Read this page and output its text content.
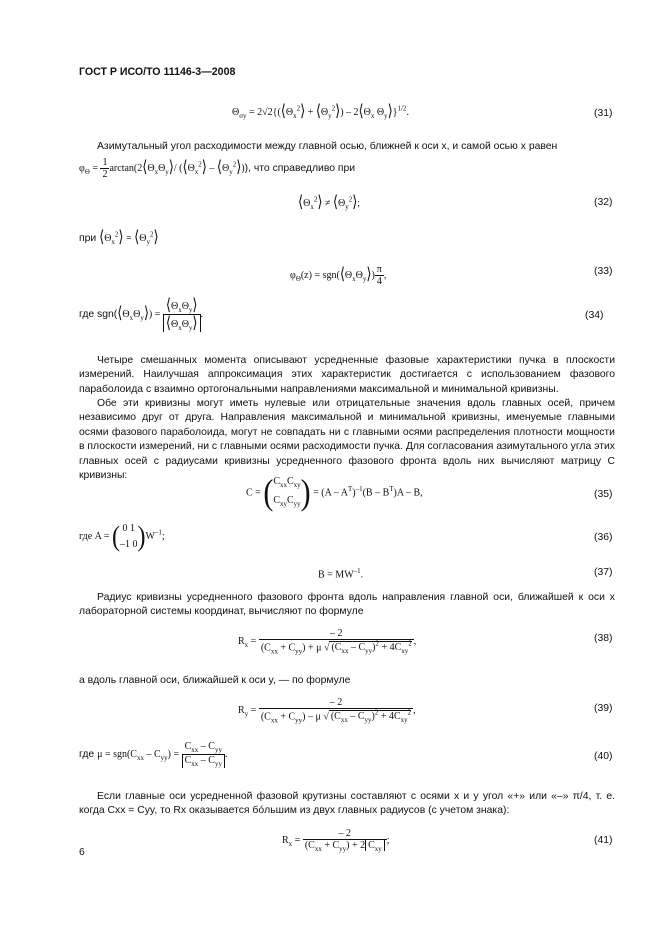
ГОСТ Р ИСО/ТО 11146-3—2008
$\Theta_{\sigma y}$ = $2√2\{(⟨\Theta_x^2⟩$ + $⟨\Theta_y^2⟩$) – $2⟨\Theta_x$ $\Theta_y⟩\}^{1/2}$.	(31)
Азимутальный угол расходимости между главной осью, ближней к оси x, и самой осью x равен
$\varphi_\Theta = \frac{1}{2}$ $\arctan(2⟨\Theta_x\Theta_y⟩/$ ($⟨\Theta_x^2⟩$ – $⟨\Theta_y^2⟩$)), что справедливо при
$⟨\Theta_x^2⟩$ ≠ $⟨\Theta_y^2⟩$;	(32)
при $⟨\Theta_x^2⟩$ = $⟨\Theta_y^2⟩$
$\varphi_\Theta(z)$ = $sgn(⟨\Theta_x\Theta_y⟩) \frac{\pi}{4}$ ,	(33)
где $sgn(⟨\Theta_x\Theta_y⟩) = \frac{⟨\Theta_x\Theta_y⟩}{⟨\Theta_x\Theta_y⟩}$ .	(34)
Четыре смешанных момента описывают усредненные фазовые характеристики пучка в плоскости измерений. Наилучшая аппроксимация этих характеристик достигается с использованием фазового параболоида с взаимно ортогональными направлениями максимальной и минимальной кривизны.
Обе эти кривизны могут иметь нулевые или отрицательные значения вдоль главных осей, причем независимо друг от друга. Направления максимальной и минимальной кривизны, именуемые главными осями фазового параболоида, могут не совпадать ни с главными осями распределения плотности мощности в плоскости измерений, ни с главными осями расходимости пучка. Для согласования азимутального угла этих главных осей с радиусами кривизны усредненного фазового фронта вдоль них вычисляют матрицу C кривизны:
C = ( $C_{xx}C_{xy}$
$C_{xy}C_{yy}$ ) = $(A - A^T)^{-1}(B - B^T)A$ – B,	(35)
где A = ( 0 1
–1 0 )$W^{-1}$;	(36)
$B = MW^{-1}$.	(37)
Радиус кривизны усредненного фазового фронта вдоль направления главной оси, ближайшей к оси x лабораторной системы координат, вычисляют по формуле
$R_x = \frac{- 2}{(C_{xx} + C_{yy}) + \mu √ (C_{xx} - C_{yy})^2 + 4C_{xy}^2}$ ,	(38)
а вдоль главной оси, ближайшей к оси y, — по формуле
$R_y = \frac{- 2}{(C_{xx} + C_{yy}) - \mu √ (C_{xx} - C_{yy})^2 + 4C_{xy}^2}$ ,	(39)
где $\mu = sgn(C_{xx} - C_{yy}) = \frac{C_{xx} - C_{yy}}{C_{xx} - C_{yy}}$ .	(40)
Если главные оси усредненной фазовой крутизны составляют с осями x и y угол «+» или «–» π/4, т. е. когда Cxx = Cyy, то Rx оказывается бóльшим из двух главных радиусов (с учетом знака):
$R_x = \frac{- 2}{(C_{xx} + C_{yy}) + 2 C_{xy}}$ ;	(41)
6
